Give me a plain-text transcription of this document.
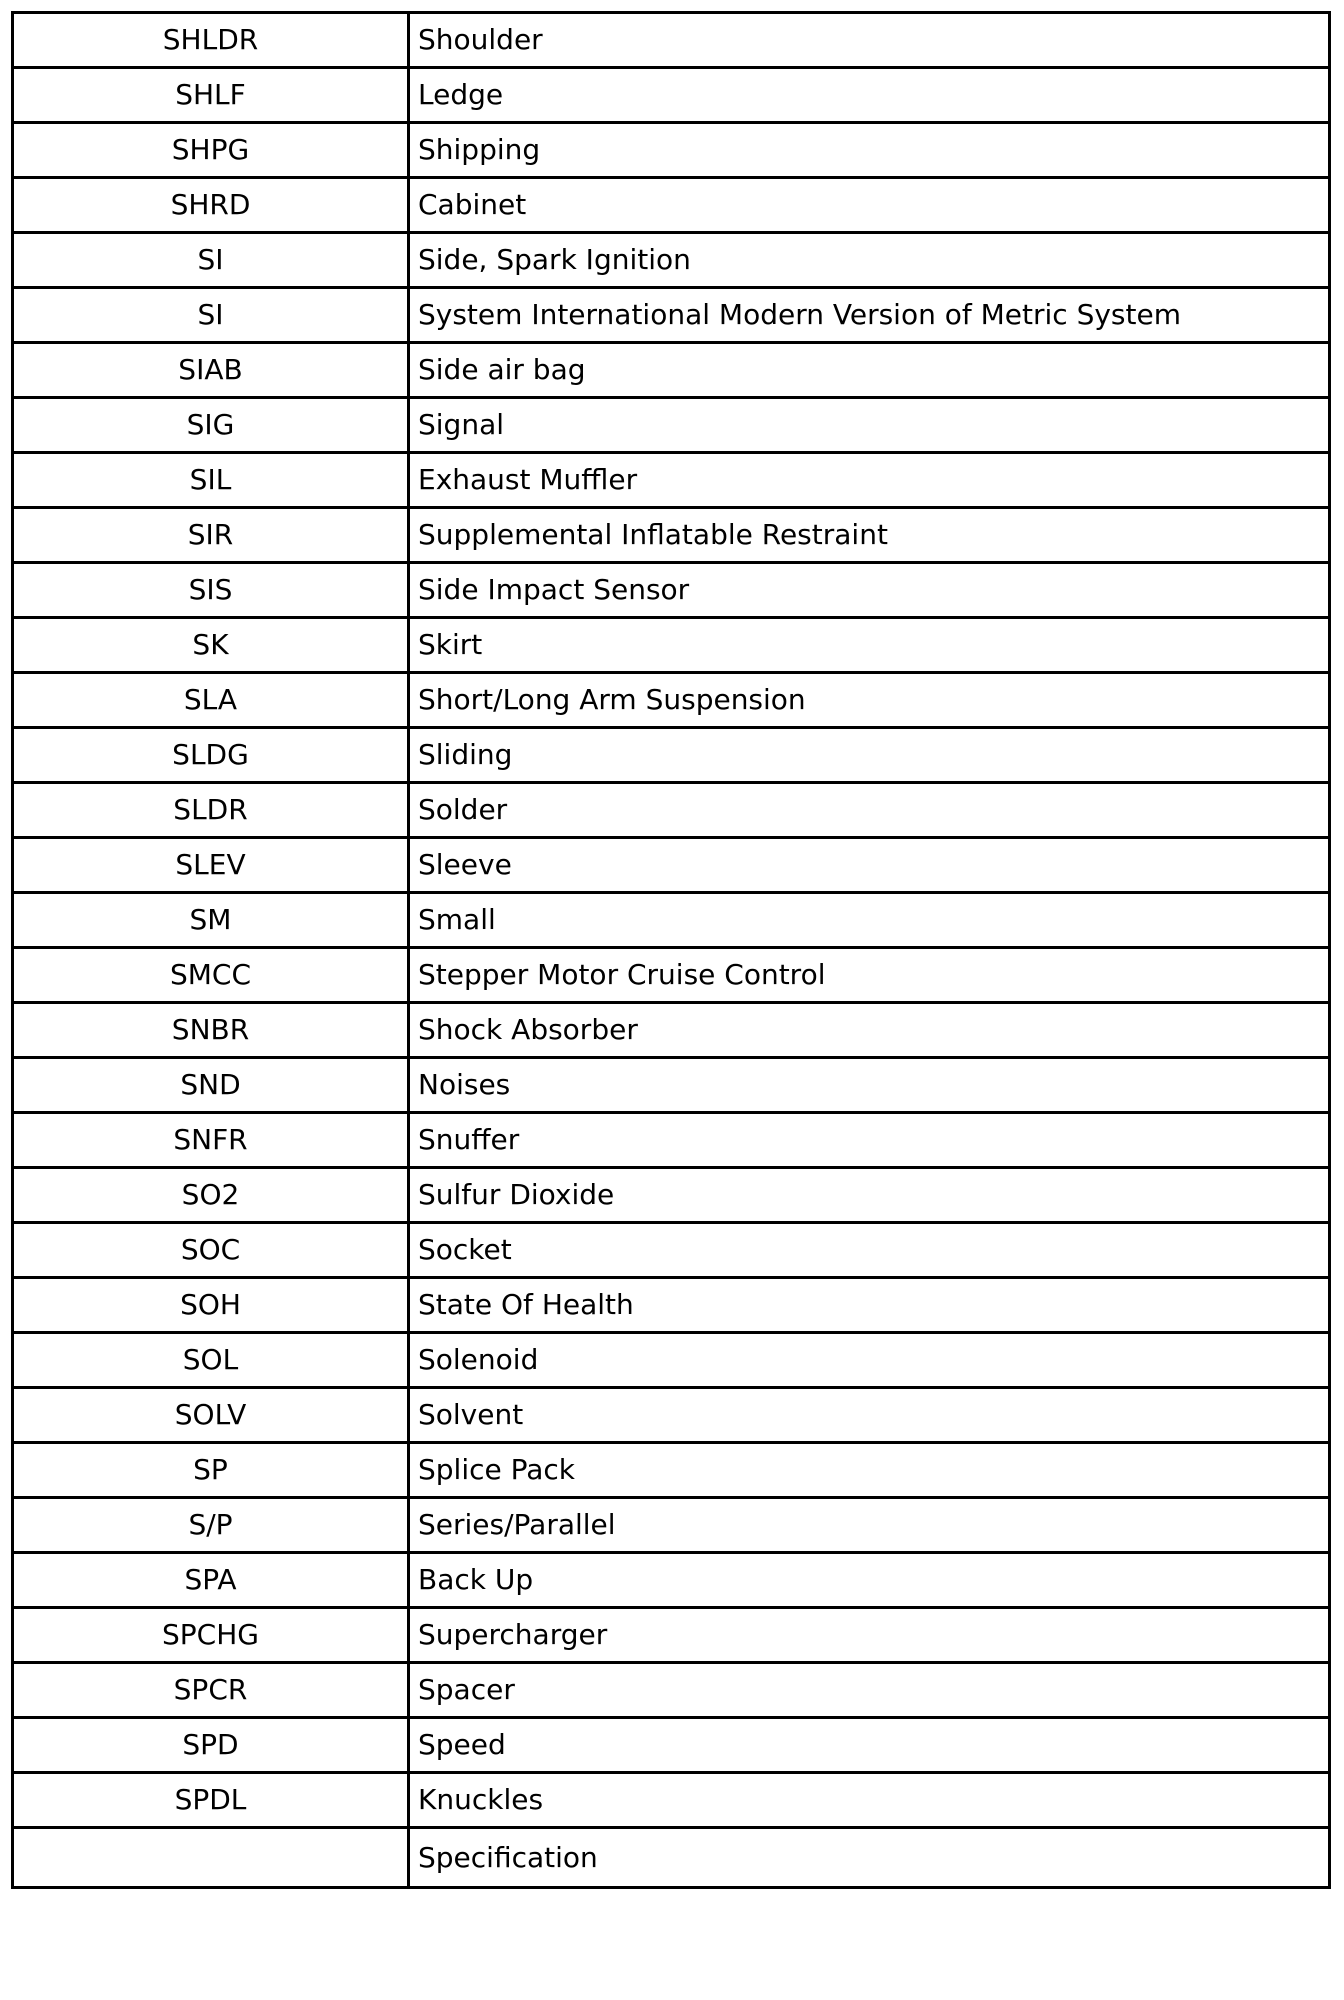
SHLDR	Shoulder
SHLF	Ledge
SHPG	Shipping
SHRD	Cabinet
SI	Side, Spark Ignition
SI	System International Modern Version of Metric System
SIAB	Side air bag
SIG	Signal
SIL	Exhaust Muffler
SIR	Supplemental Inflatable Restraint
SIS	Side Impact Sensor
SK	Skirt
SLA	Short/Long Arm Suspension
SLDG	Sliding
SLDR	Solder
SLEV	Sleeve
SM	Small
SMCC	Stepper Motor Cruise Control
SNBR	Shock Absorber
SND	Noises
SNFR	Snuffer
SO2	Sulfur Dioxide
SOC	Socket
SOH	State Of Health
SOL	Solenoid
SOLV	Solvent
SP	Splice Pack
S/P	Series/Parallel
SPA	Back Up
SPCHG	Supercharger
SPCR	Spacer
SPD	Speed
SPDL	Knuckles
	Specification
